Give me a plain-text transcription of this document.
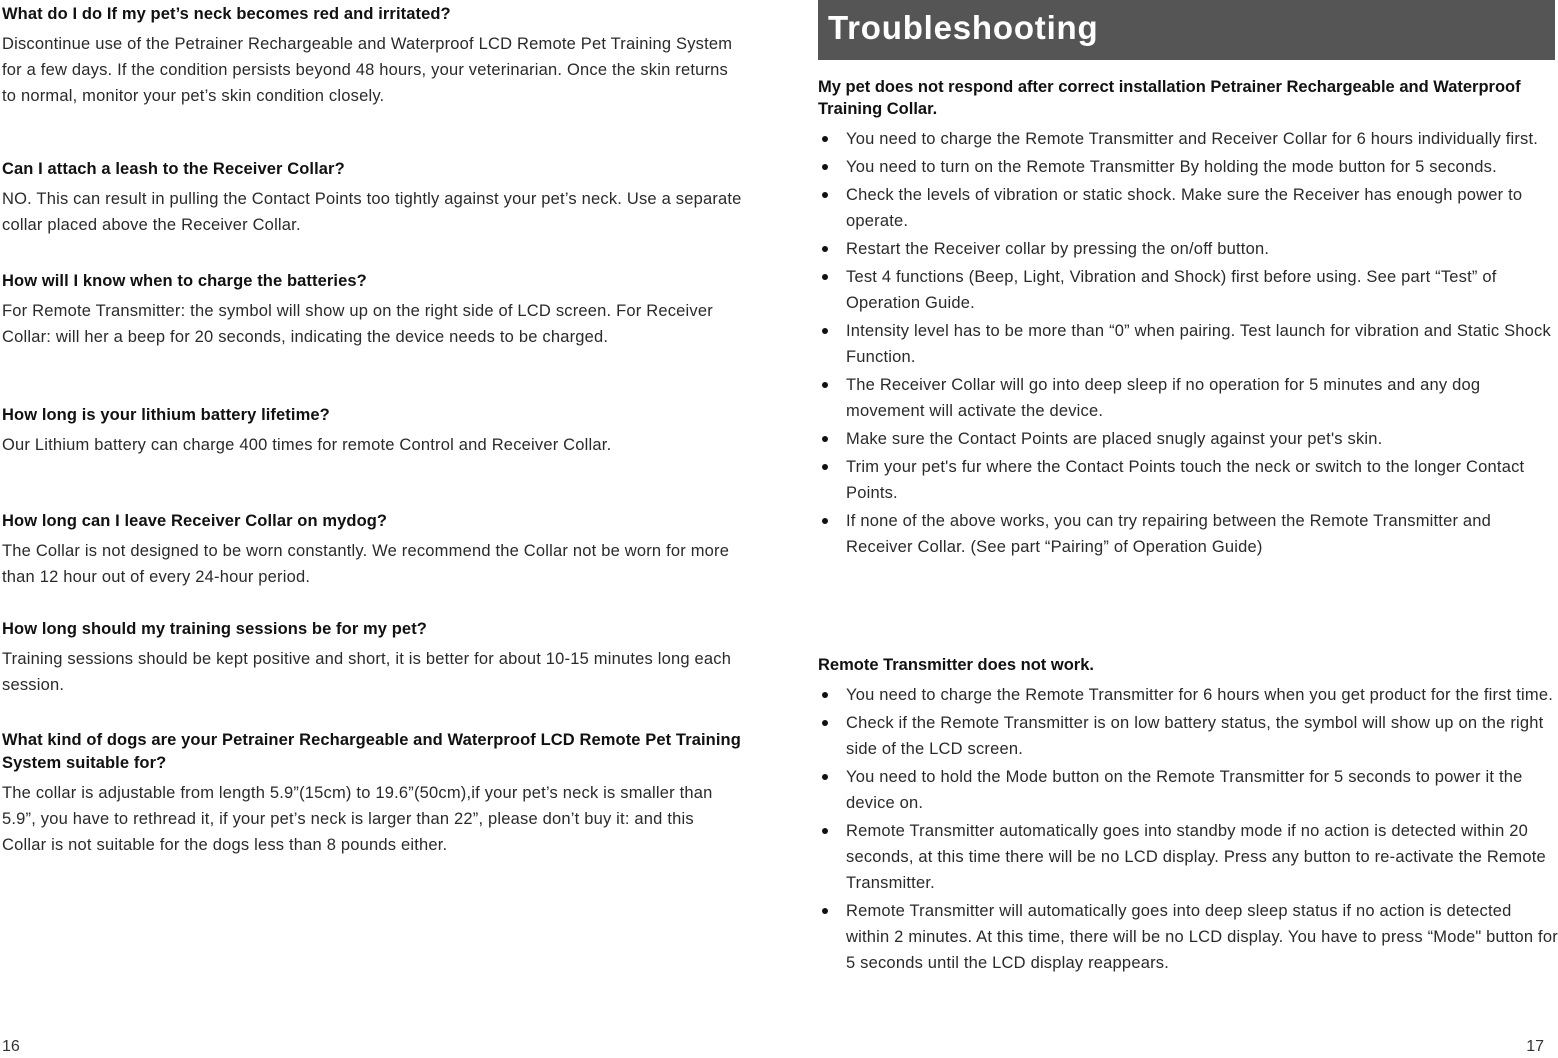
What do I do If my pet’s neck becomes red and irritated?

Discontinue use of the Petrainer Rechargeable and Waterproof LCD Remote Pet Training System for a few days. If the condition persists beyond 48 hours, your veterinarian. Once the skin returns to normal, monitor your pet’s skin condition closely.

Can I attach a leash to the Receiver Collar?

NO. This can result in pulling the Contact Points too tightly against your pet’s neck. Use a separate collar placed above the Receiver Collar.

How will I know when to charge the batteries?

For Remote Transmitter: the symbol will show up on the right side of LCD screen. For Receiver Collar: will her a beep for 20 seconds, indicating the device needs to be charged.

How long is your lithium battery lifetime?

Our Lithium battery can charge 400 times for remote Control and Receiver Collar.

How long can I leave Receiver Collar on mydog?

The Collar is not designed to be worn constantly. We recommend the Collar not be worn for more than 12 hour out of every 24-hour period.

How long should my training sessions be for my pet?

Training sessions should be kept positive and short, it is better for about 10-15 minutes long each session.

What kind of dogs are your Petrainer Rechargeable and Waterproof LCD Remote Pet Training System suitable for?

The collar is adjustable from length 5.9”(15cm) to 19.6”(50cm),if your pet’s neck is smaller than 5.9”, you have to rethread it, if your pet’s neck is larger than 22”, please don’t buy it: and this Collar is not suitable for the dogs less than 8 pounds either.

16
Troubleshooting

My pet does not respond after correct installation Petrainer Rechargeable and Waterproof Training Collar.

You need to charge the Remote Transmitter and Receiver Collar for 6 hours individually first.
You need to turn on the Remote Transmitter By holding the mode button for 5 seconds.
Check the levels of vibration or static shock. Make sure the Receiver has enough power to operate.
Restart the Receiver collar by pressing the on/off button.
Test 4 functions (Beep, Light, Vibration and Shock) first before using. See part “Test” of Operation Guide.
Intensity level has to be more than “0” when pairing. Test launch for vibration and Static Shock Function.
The Receiver Collar will go into deep sleep if no operation for 5 minutes and any dog movement will activate the device.
Make sure the Contact Points are placed snugly against your pet's skin.
Trim your pet's fur where the Contact Points touch the neck or switch to the longer Contact Points.
If none of the above works, you can try repairing between the Remote Transmitter and Receiver Collar. (See part “Pairing” of Operation Guide)

Remote Transmitter does not work.

You need to charge the Remote Transmitter for 6 hours when you get product for the first time.
Check if the Remote Transmitter is on low battery status, the symbol will show up on the right side of the LCD screen.
You need to hold the Mode button on the Remote Transmitter for 5 seconds to power it the device on.
Remote Transmitter automatically goes into standby mode if no action is detected within 20 seconds, at this time there will be no LCD display. Press any button to re-activate the Remote Transmitter.
Remote Transmitter will automatically goes into deep sleep status if no action is detected within 2 minutes. At this time, there will be no LCD display. You have to press “Mode" button for 5 seconds until the LCD display reappears.
17
